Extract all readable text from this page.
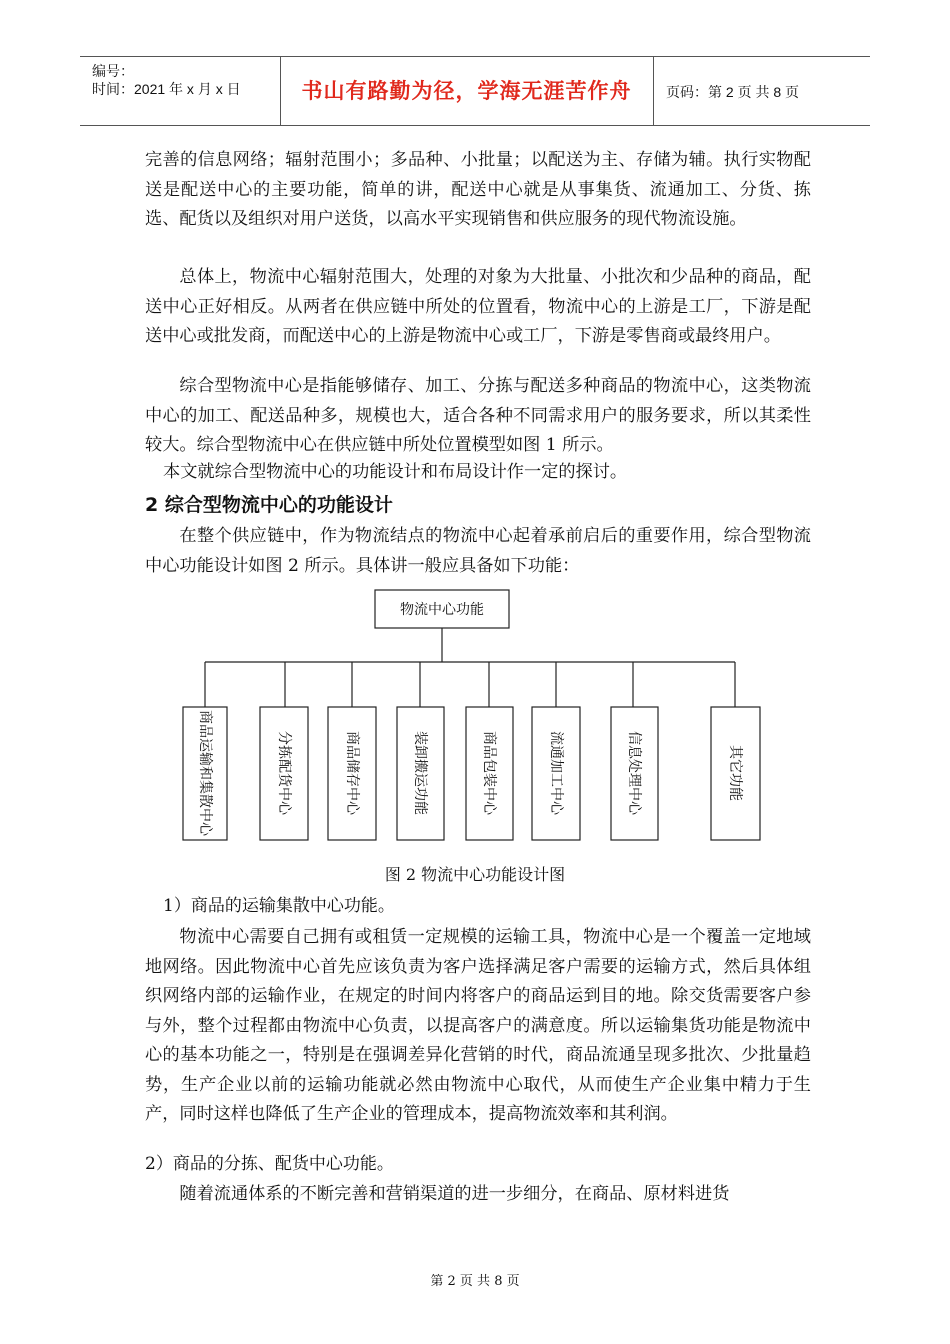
编号：
时间：2021 年 x 月 x 日	书山有路勤为径，学海无涯苦作舟	页码：第 2 页 共 8 页

完善的信息网络；辐射范围小；多品种、小批量；以配送为主、存储为辅。执行实物配送是配送中心的主要功能，简单的讲，配送中心就是从事集货、流通加工、分货、拣选、配货以及组织对用户送货，以高水平实现销售和供应服务的现代物流设施。

总体上，物流中心辐射范围大，处理的对象为大批量、小批次和少品种的商品，配送中心正好相反。从两者在供应链中所处的位置看，物流中心的上游是工厂，下游是配送中心或批发商，而配送中心的上游是物流中心或工厂，下游是零售商或最终用户。

综合型物流中心是指能够储存、加工、分拣与配送多种商品的物流中心，这类物流中心的加工、配送品种多，规模也大，适合各种不同需求用户的服务要求，所以其柔性较大。综合型物流中心在供应链中所处位置模型如图 1 所示。

本文就综合型物流中心的功能设计和布局设计作一定的探讨。

2 综合型物流中心的功能设计

在整个供应链中，作为物流结点的物流中心起着承前启后的重要作用，综合型物流中心功能设计如图 2 所示。具体讲一般应具备如下功能：

物流中心功能
商品运输和集散中心	分拣配货中心	商品储存中心	装卸搬运功能	商品包装中心	流通加工中心	信息处理中心	其它功能
图 2 物流中心功能设计图
1）商品的运输集散中心功能。

物流中心需要自己拥有或租赁一定规模的运输工具，物流中心是一个覆盖一定地域地网络。因此物流中心首先应该负责为客户选择满足客户需要的运输方式，然后具体组织网络内部的运输作业，在规定的时间内将客户的商品运到目的地。除交货需要客户参与外，整个过程都由物流中心负责，以提高客户的满意度。所以运输集货功能是物流中心的基本功能之一，特别是在强调差异化营销的时代，商品流通呈现多批次、少批量趋势，生产企业以前的运输功能就必然由物流中心取代，从而使生产企业集中精力于生产，同时这样也降低了生产企业的管理成本，提高物流效率和其利润。

2）商品的分拣、配货中心功能。

随着流通体系的不断完善和营销渠道的进一步细分，在商品、原材料进货

第 2 页 共 8 页
